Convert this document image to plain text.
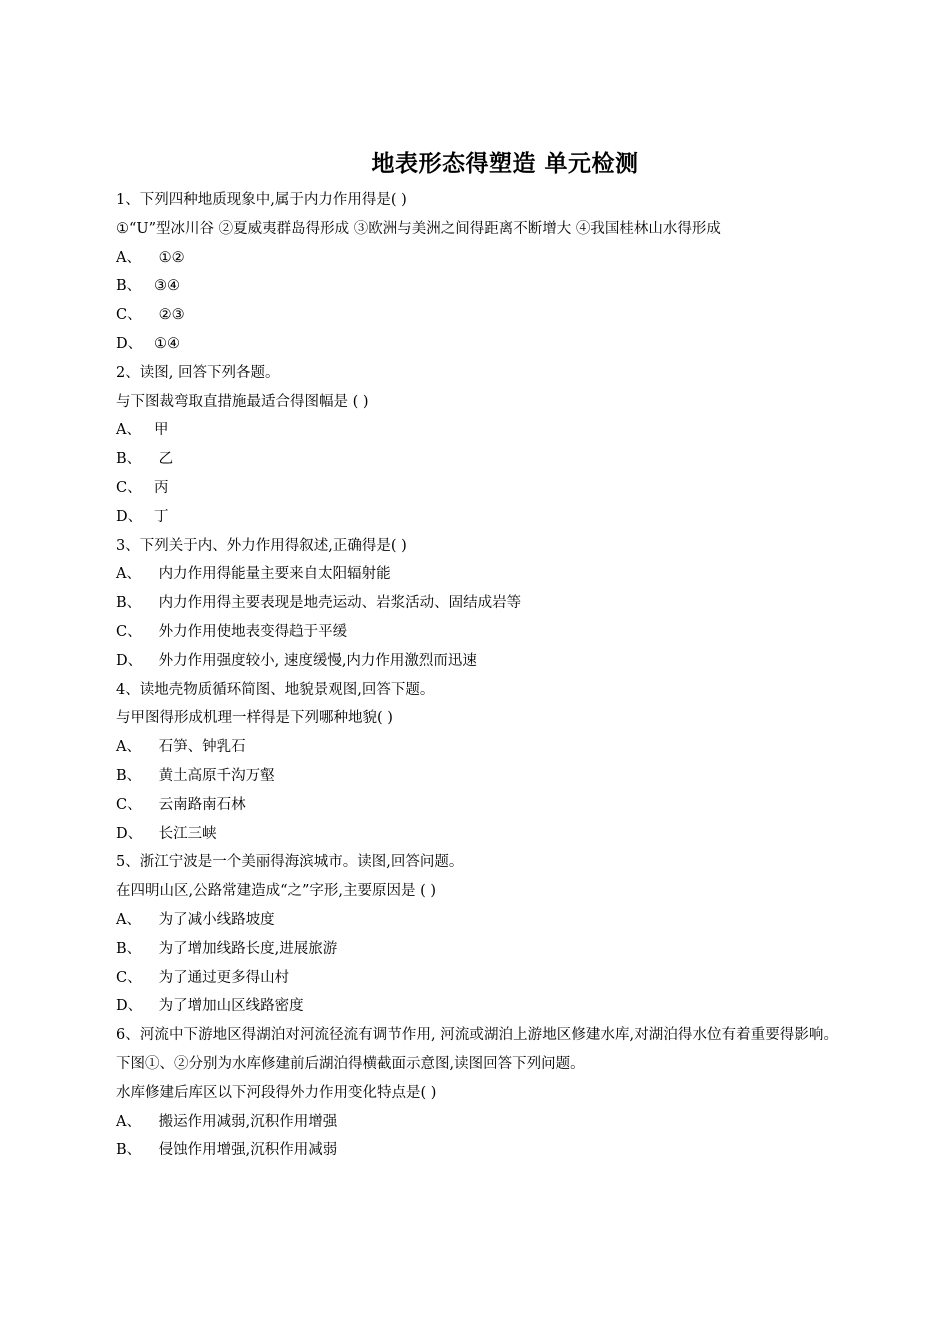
地表形态得塑造 单元检测
1、下列四种地质现象中,属于内力作用得是( )
①“U”型冰川谷 ②夏威夷群岛得形成 ③欧洲与美洲之间得距离不断增大 ④我国桂林山水得形成
A、 ①②
B、 ③④
C、 ②③
D、 ①④
2、读图, 回答下列各题。
与下图裁弯取直措施最适合得图幅是 ( )
A、 甲
B、 乙
C、 丙
D、 丁
3、下列关于内、外力作用得叙述,正确得是( )
A、 内力作用得能量主要来自太阳辐射能
B、 内力作用得主要表现是地壳运动、岩浆活动、固结成岩等
C、 外力作用使地表变得趋于平缓
D、 外力作用强度较小, 速度缓慢,内力作用激烈而迅速
4、读地壳物质循环简图、地貌景观图,回答下题。
与甲图得形成机理一样得是下列哪种地貌( )
A、 石笋、钟乳石
B、 黄土高原千沟万壑
C、 云南路南石林
D、 长江三峡
5、浙江宁波是一个美丽得海滨城市。读图,回答问题。
在四明山区,公路常建造成“之”字形,主要原因是 ( )
A、 为了减小线路坡度
B、 为了增加线路长度,进展旅游
C、 为了通过更多得山村
D、 为了增加山区线路密度
6、河流中下游地区得湖泊对河流径流有调节作用, 河流或湖泊上游地区修建水库,对湖泊得水位有着重要得影响。下图①、②分别为水库修建前后湖泊得横截面示意图,读图回答下列问题。
水库修建后库区以下河段得外力作用变化特点是( )
A、 搬运作用减弱,沉积作用增强
B、 侵蚀作用增强,沉积作用减弱
